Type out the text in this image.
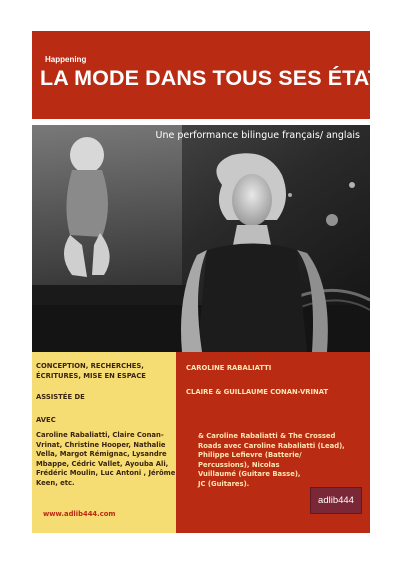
Happening
LA MODE DANS TOUS SES ÉTATS
Une performance bilingue français/ anglais
CONCEPTION, RECHERCHES,
ÉCRITURES, MISE EN ESPACE
ASSISTÉE DE
AVEC
Caroline Rabaliatti, Claire Conan-
Vrinat, Christine Hooper, Nathalie
Vella, Margot Rémignac, Lysandre
Mbappe, Cédric Vallet, Ayouba Ali,
Frédéric Moulin, Luc Antoni , Jérôme
Keen, etc.
www.adlib444.com
CAROLINE RABALIATTI
CLAIRE & GUILLAUME CONAN-VRINAT
& Caroline Rabaliatti & The Crossed
Roads avec Caroline Rabaliatti (Lead),
Philippe Lefievre (Batterie/
Percussions), Nicolas
Vuillaumé (Guitare Basse),
JC (Guitares).
adlib444
